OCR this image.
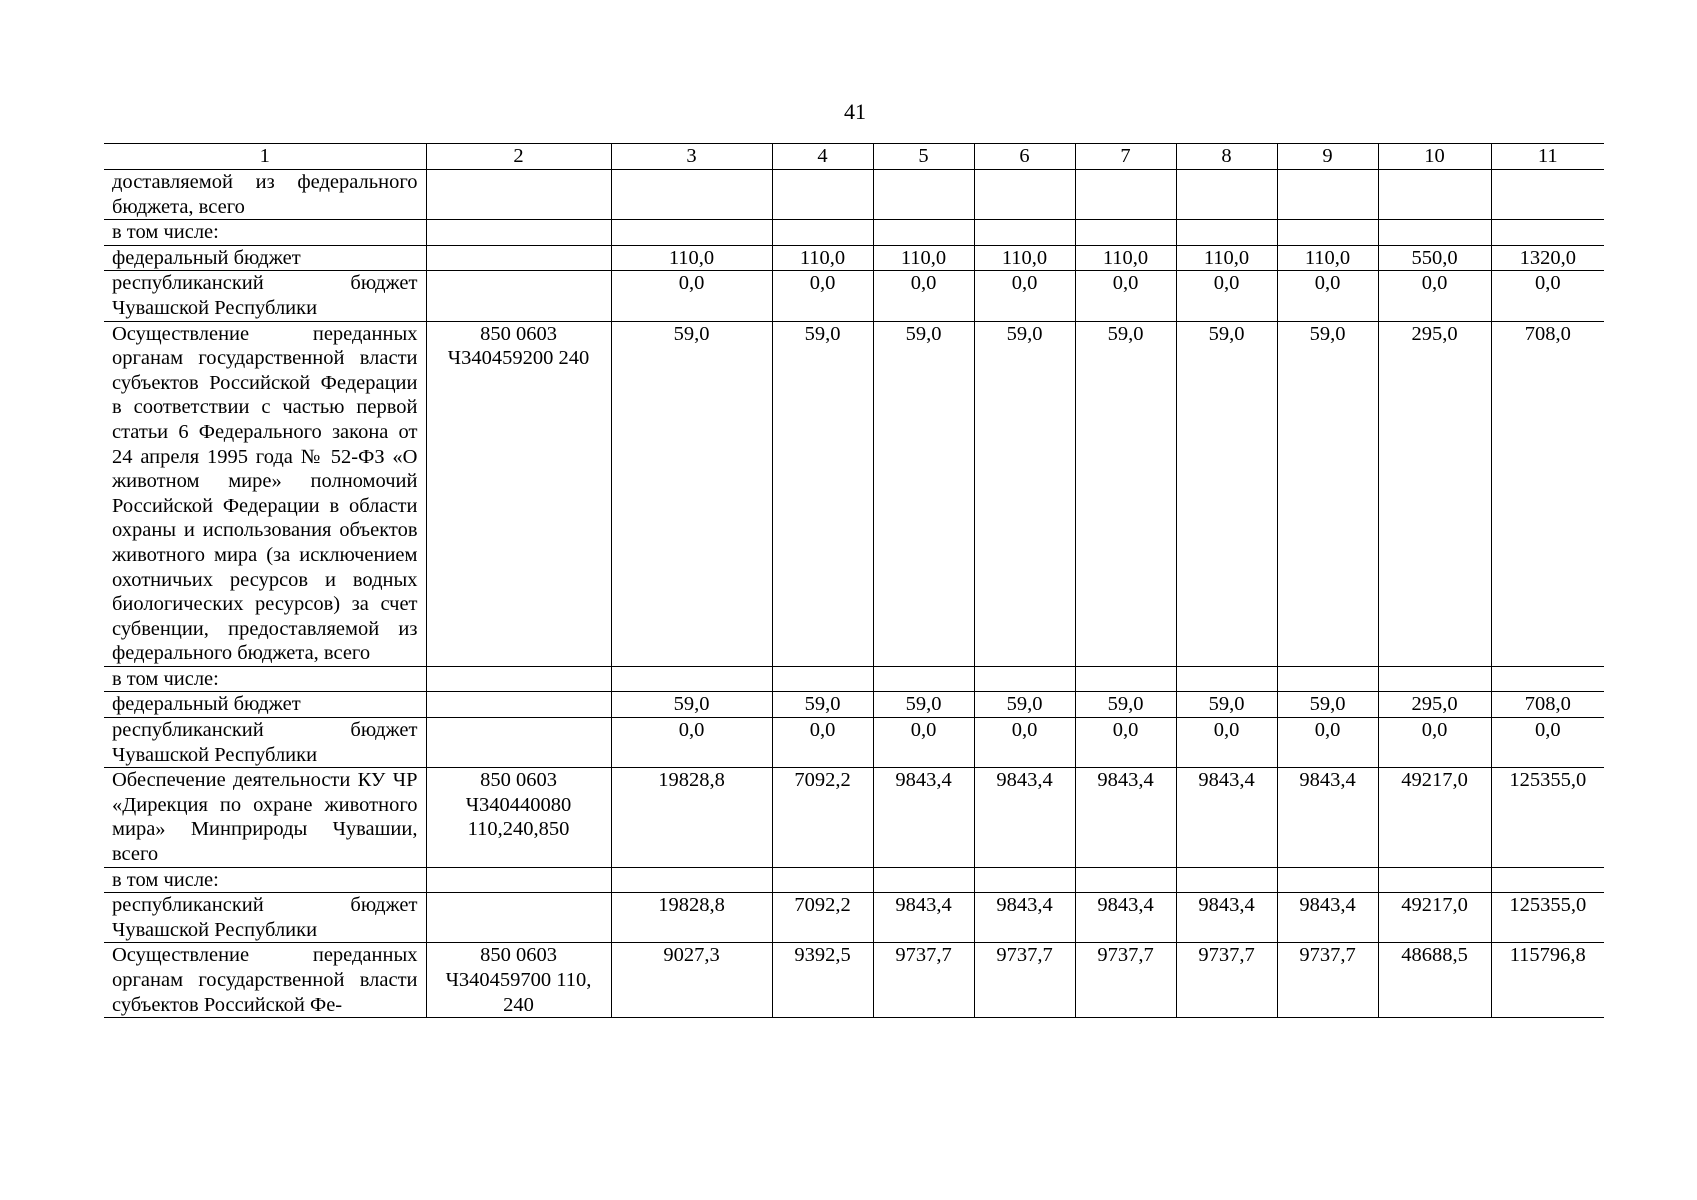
41
1	2	3	4	5	6	7	8	9	10	11
доставляемой из федерального бюджета, всего										
в том числе:										
федеральный бюджет		110,0	110,0	110,0	110,0	110,0	110,0	110,0	550,0	1320,0
республиканский бюджет Чувашской Республики		0,0	0,0	0,0	0,0	0,0	0,0	0,0	0,0	0,0
Осуществление переданных органам государственной власти субъектов Российской Федерации в соответствии с частью первой статьи 6 Федерального закона от 24 апреля 1995 года № 52-ФЗ «О животном мире» полномочий Российской Федерации в области охраны и использования объектов животного мира (за исключением охотничьих ресурсов и водных биологических ресурсов) за счет субвенции, предоставляемой из федерального бюджета, всего	850 0603 Ч340459200 240	59,0	59,0	59,0	59,0	59,0	59,0	59,0	295,0	708,0
в том числе:										
федеральный бюджет		59,0	59,0	59,0	59,0	59,0	59,0	59,0	295,0	708,0
республиканский бюджет Чувашской Республики		0,0	0,0	0,0	0,0	0,0	0,0	0,0	0,0	0,0
Обеспечение деятельности КУ ЧР «Дирекция по охране животного мира» Минприроды Чувашии, всего	850 0603 Ч340440080 110,240,850	19828,8	7092,2	9843,4	9843,4	9843,4	9843,4	9843,4	49217,0	125355,0
в том числе:										
республиканский бюджет Чувашской Республики		19828,8	7092,2	9843,4	9843,4	9843,4	9843,4	9843,4	49217,0	125355,0
Осуществление переданных органам государственной власти субъектов Российской Фе-	850 0603 Ч340459700 110, 240	9027,3	9392,5	9737,7	9737,7	9737,7	9737,7	9737,7	48688,5	115796,8
